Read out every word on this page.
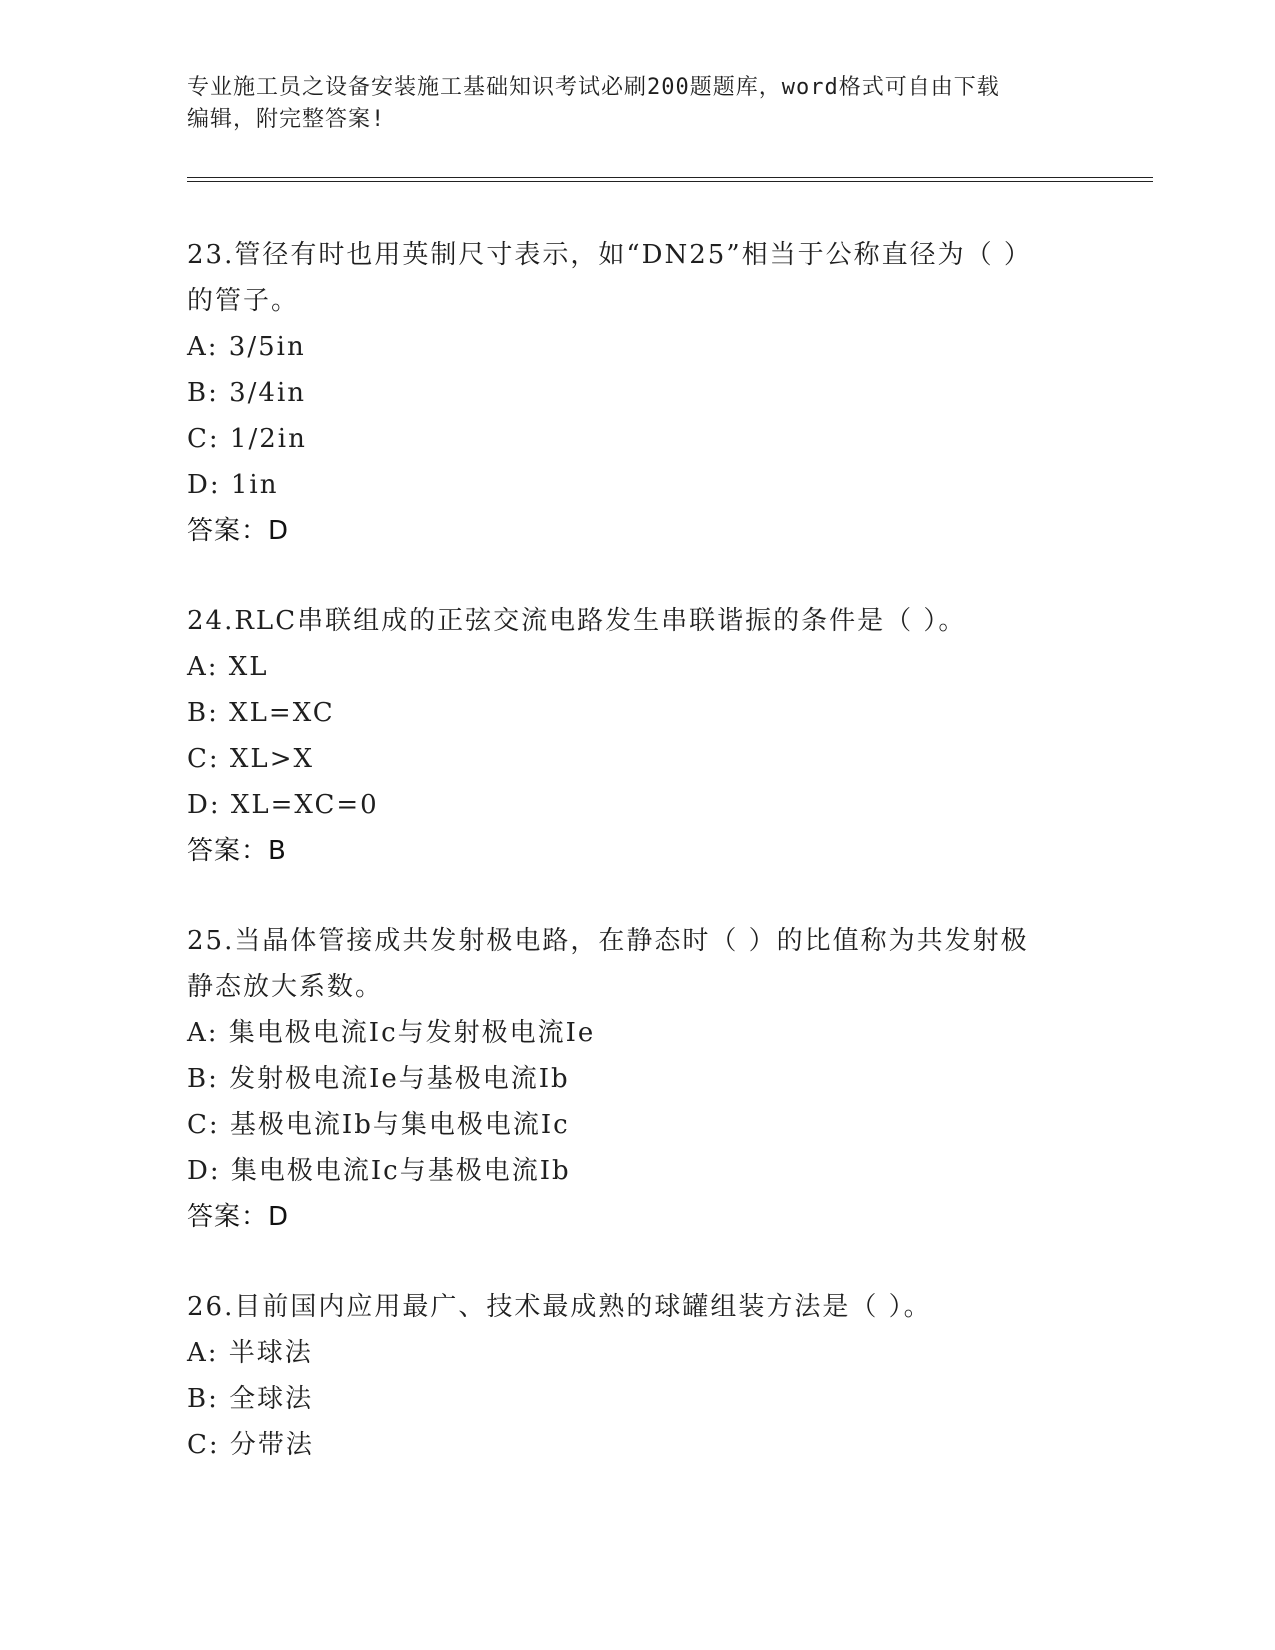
专业施工员之设备安装施工基础知识考试必刷200题题库，word格式可自由下载
编辑，附完整答案!

23.管径有时也用英制尺寸表示，如“DN25”相当于公称直径为（ ）

的管子。

A: 3/5in

B: 3/4in

C: 1/2in

D: 1in

答案：D

24.RLC串联组成的正弦交流电路发生串联谐振的条件是（ ）。

A: XL

B: XL=XC

C: XL>X

D: XL=XC=0

答案：B

25.当晶体管接成共发射极电路，在静态时（ ）的比值称为共发射极

静态放大系数。

A: 集电极电流Ic与发射极电流Ie

B: 发射极电流Ie与基极电流Ib

C: 基极电流Ib与集电极电流Ic

D: 集电极电流Ic与基极电流Ib

答案：D

26.目前国内应用最广、技术最成熟的球罐组装方法是（ ）。

A: 半球法

B: 全球法

C: 分带法
